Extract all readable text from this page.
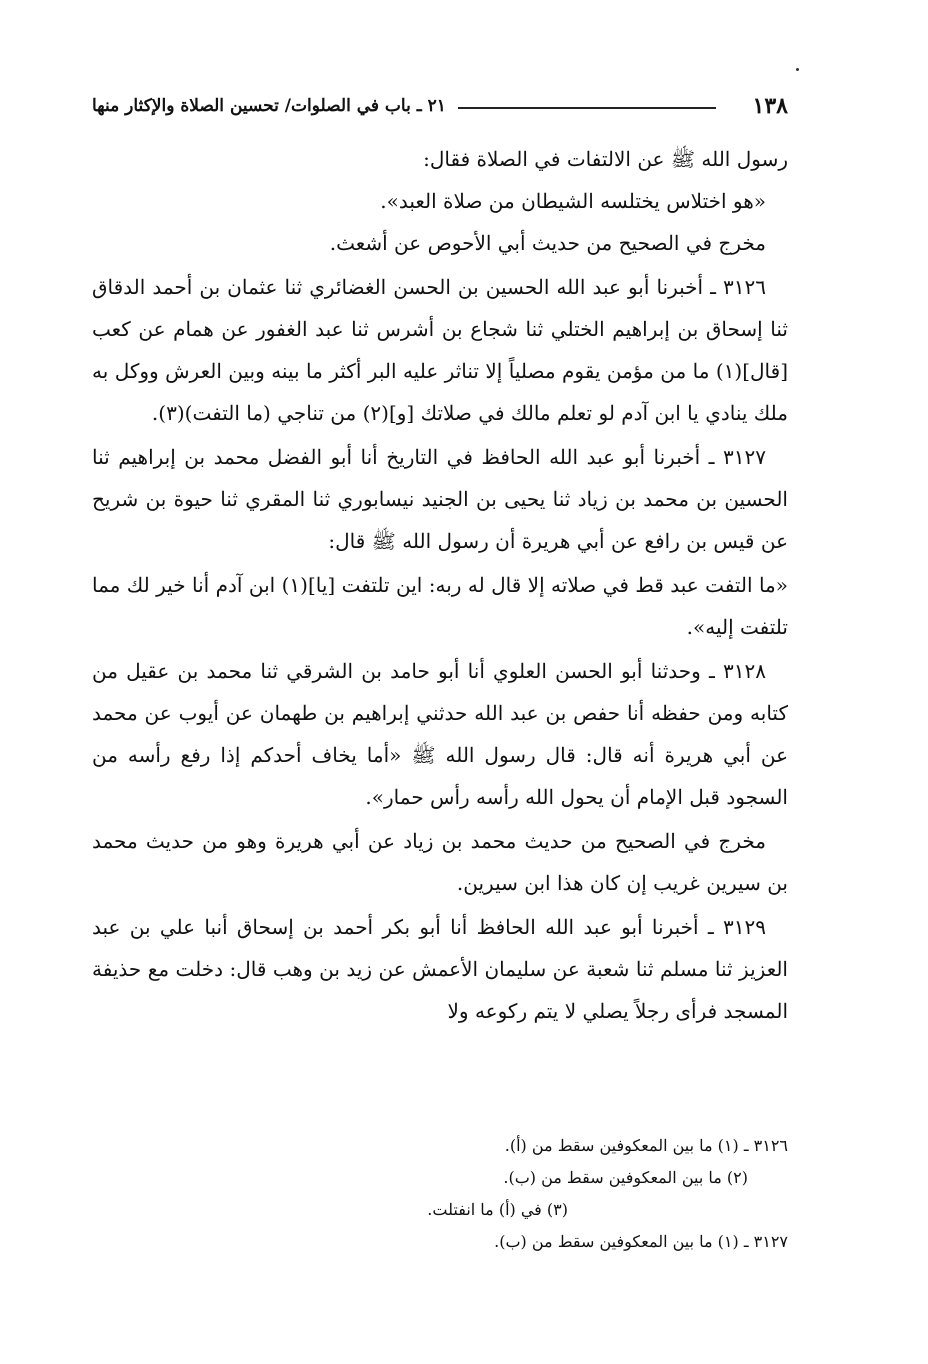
١٣٨
٢١ ـ باب في الصلوات/ تحسين الصلاة والإكثار منها

رسول الله ﷺ عن الالتفات في الصلاة فقال:

«هو اختلاس يختلسه الشيطان من صلاة العبد».

مخرج في الصحيح من حديث أبي الأحوص عن أشعث.

٣١٢٦ ـ أخبرنا أبو عبد الله الحسين بن الحسن الغضائري ثنا عثمان بن أحمد الدقاق ثنا إسحاق بن إبراهيم الختلي ثنا شجاع بن أشرس ثنا عبد الغفور عن همام عن كعب [قال](١) ما من مؤمن يقوم مصلياً إلا تناثر عليه البر أكثر ما بينه وبين العرش ووكل به ملك ينادي يا ابن آدم لو تعلم مالك في صلاتك [و](٢) من تناجي (ما التفت)(٣).

٣١٢٧ ـ أخبرنا أبو عبد الله الحافظ في التاريخ أنا أبو الفضل محمد بن إبراهيم ثنا الحسين بن محمد بن زياد ثنا يحيى بن الجنيد نيسابوري ثنا المقري ثنا حيوة بن شريح عن قيس بن رافع عن أبي هريرة أن رسول الله ﷺ قال:

«ما التفت عبد قط في صلاته إلا قال له ربه: اين تلتفت [يا](١) ابن آدم أنا خير لك مما تلتفت إليه».

٣١٢٨ ـ وحدثنا أبو الحسن العلوي أنا أبو حامد بن الشرقي ثنا محمد بن عقيل من كتابه ومن حفظه أنا حفص بن عبد الله حدثني إبراهيم بن طهمان عن أيوب عن محمد عن أبي هريرة أنه قال: قال رسول الله ﷺ «أما يخاف أحدكم إذا رفع رأسه من السجود قبل الإمام أن يحول الله رأسه رأس حمار».

مخرج في الصحيح من حديث محمد بن زياد عن أبي هريرة وهو من حديث محمد بن سيرين غريب إن كان هذا ابن سيرين.

٣١٢٩ ـ أخبرنا أبو عبد الله الحافظ أنا أبو بكر أحمد بن إسحاق أنبا علي بن عبد العزيز ثنا مسلم ثنا شعبة عن سليمان الأعمش عن زيد بن وهب قال: دخلت مع حذيفة المسجد فرأى رجلاً يصلي لا يتم ركوعه ولا

٣١٢٦ ـ (١) ما بين المعكوفين سقط من (أ).

(٢) ما بين المعكوفين سقط من (ب).

(٣) في (أ) ما انفتلت.

٣١٢٧ ـ (١) ما بين المعكوفين سقط من (ب).
